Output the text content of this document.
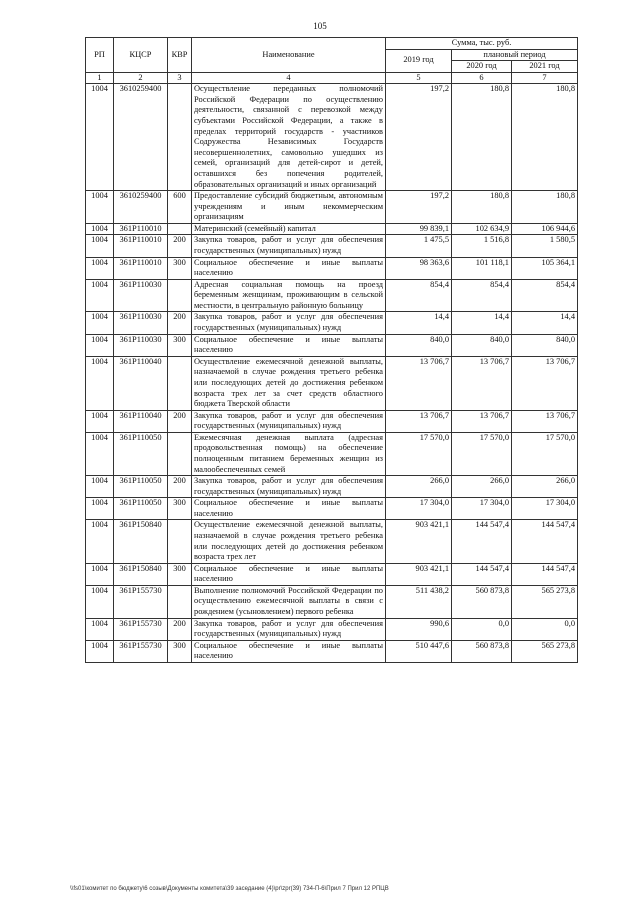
105
РП	КЦСР	КВР	Наименование	Сумма, тыс. руб.		
				2019 год	плановый период	
					2020 год	2021 год
1	2	3	4	5	6	7
1004	3610259400		Осуществление переданных полномочий Российской Федерации по осуществлению деятельности, связанной с перевозкой между субъектами Российской Федерации, а также в пределах территорий государств - участников Содружества Независимых Государств несовершеннолетних, самовольно ушедших из семей, организаций для детей-сирот и детей, оставшихся без попечения родителей, образовательных организаций и иных организаций	197,2	180,8	180,8
1004	3610259400	600	Предоставление субсидий бюджетным, автономным учреждениям и иным некоммерческим организациям	197,2	180,8	180,8
1004	361Р110010		Материнский (семейный) капитал	99 839,1	102 634,9	106 944,6
1004	361Р110010	200	Закупка товаров, работ и услуг для обеспечения государственных (муниципальных) нужд	1 475,5	1 516,8	1 580,5
1004	361Р110010	300	Социальное обеспечение и иные выплаты населению	98 363,6	101 118,1	105 364,1
1004	361Р110030		Адресная социальная помощь на проезд беременным женщинам, проживающим в сельской местности, в центральную районную больницу	854,4	854,4	854,4
1004	361Р110030	200	Закупка товаров, работ и услуг для обеспечения государственных (муниципальных) нужд	14,4	14,4	14,4
1004	361Р110030	300	Социальное обеспечение и иные выплаты населению	840,0	840,0	840,0
1004	361Р110040		Осуществление ежемесячной денежной выплаты, назначаемой в случае рождения третьего ребенка или последующих детей до достижения ребенком возраста трех лет за счет средств областного бюджета Тверской области	13 706,7	13 706,7	13 706,7
1004	361Р110040	200	Закупка товаров, работ и услуг для обеспечения государственных (муниципальных) нужд	13 706,7	13 706,7	13 706,7
1004	361Р110050		Ежемесячная денежная выплата (адресная продовольственная помощь) на обеспечение полноценным питанием беременных женщин из малообеспеченных семей	17 570,0	17 570,0	17 570,0
1004	361Р110050	200	Закупка товаров, работ и услуг для обеспечения государственных (муниципальных) нужд	266,0	266,0	266,0
1004	361Р110050	300	Социальное обеспечение и иные выплаты населению	17 304,0	17 304,0	17 304,0
1004	361Р150840		Осуществление ежемесячной денежной выплаты, назначаемой в случае рождения третьего ребенка или последующих детей до достижения ребенком возраста трех лет	903 421,1	144 547,4	144 547,4
1004	361Р150840	300	Социальное обеспечение и иные выплаты населению	903 421,1	144 547,4	144 547,4
1004	361Р155730		Выполнение полномочий Российской Федерации по осуществлению ежемесячной выплаты в связи с рождением (усыновлением) первого ребенка	511 438,2	560 873,8	565 273,8
1004	361Р155730	200	Закупка товаров, работ и услуг для обеспечения государственных (муниципальных) нужд	990,6	0,0	0,0
1004	361Р155730	300	Социальное обеспечение и иные выплаты населению	510 447,6	560 873,8	565 273,8
\\fs01\комитет по бюджету\6 созыв\Документы комитета\39 заседание (4)\pr\zpr(39) 734-П-6\Прил 7 Прил 12 РПЦВ
